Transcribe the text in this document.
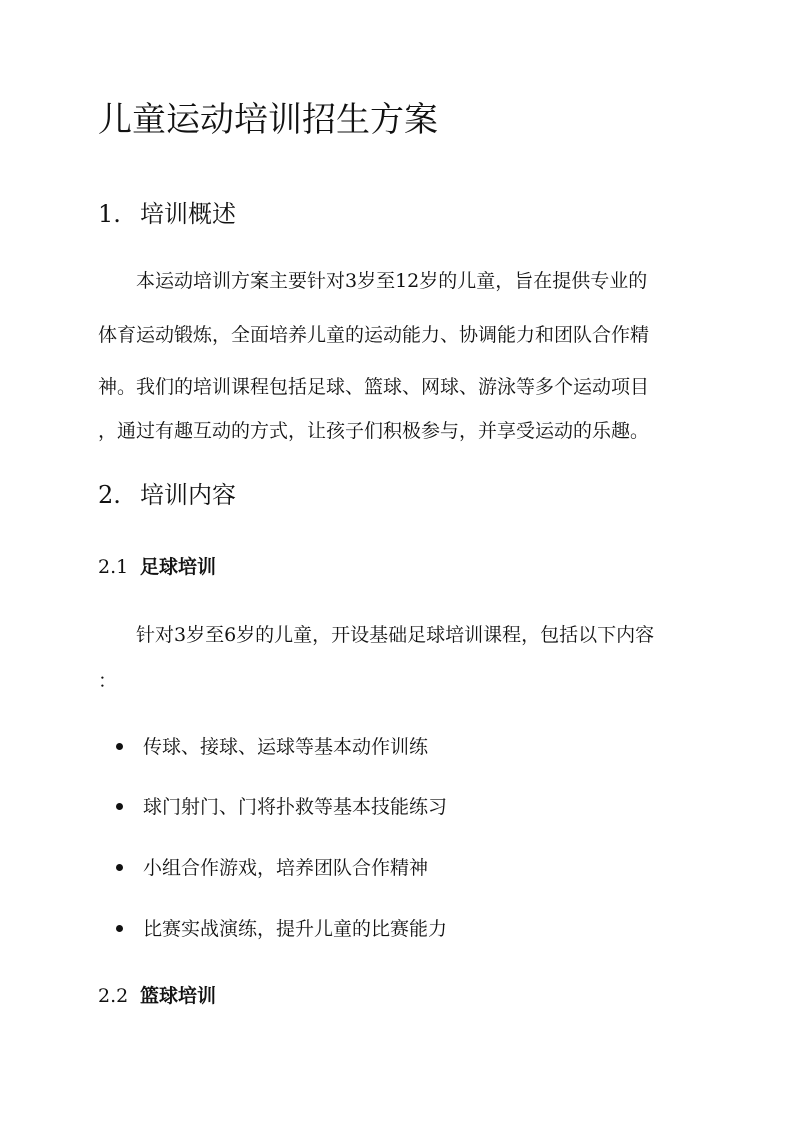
儿童运动培训招生方案
1. 培训概述

本运动培训方案主要针对3岁至12岁的儿童，旨在提供专业的

体育运动锻炼，全面培养儿童的运动能力、协调能力和团队合作精

神。我们的培训课程包括足球、篮球、网球、游泳等多个运动项目

，通过有趣互动的方式，让孩子们积极参与，并享受运动的乐趣。

2. 培训内容
2.1 足球培训

针对3岁至6岁的儿童，开设基础足球培训课程，包括以下内容

：

传球、接球、运球等基本动作训练

球门射门、门将扑救等基本技能练习

小组合作游戏，培养团队合作精神

比赛实战演练，提升儿童的比赛能力

2.2 篮球培训
